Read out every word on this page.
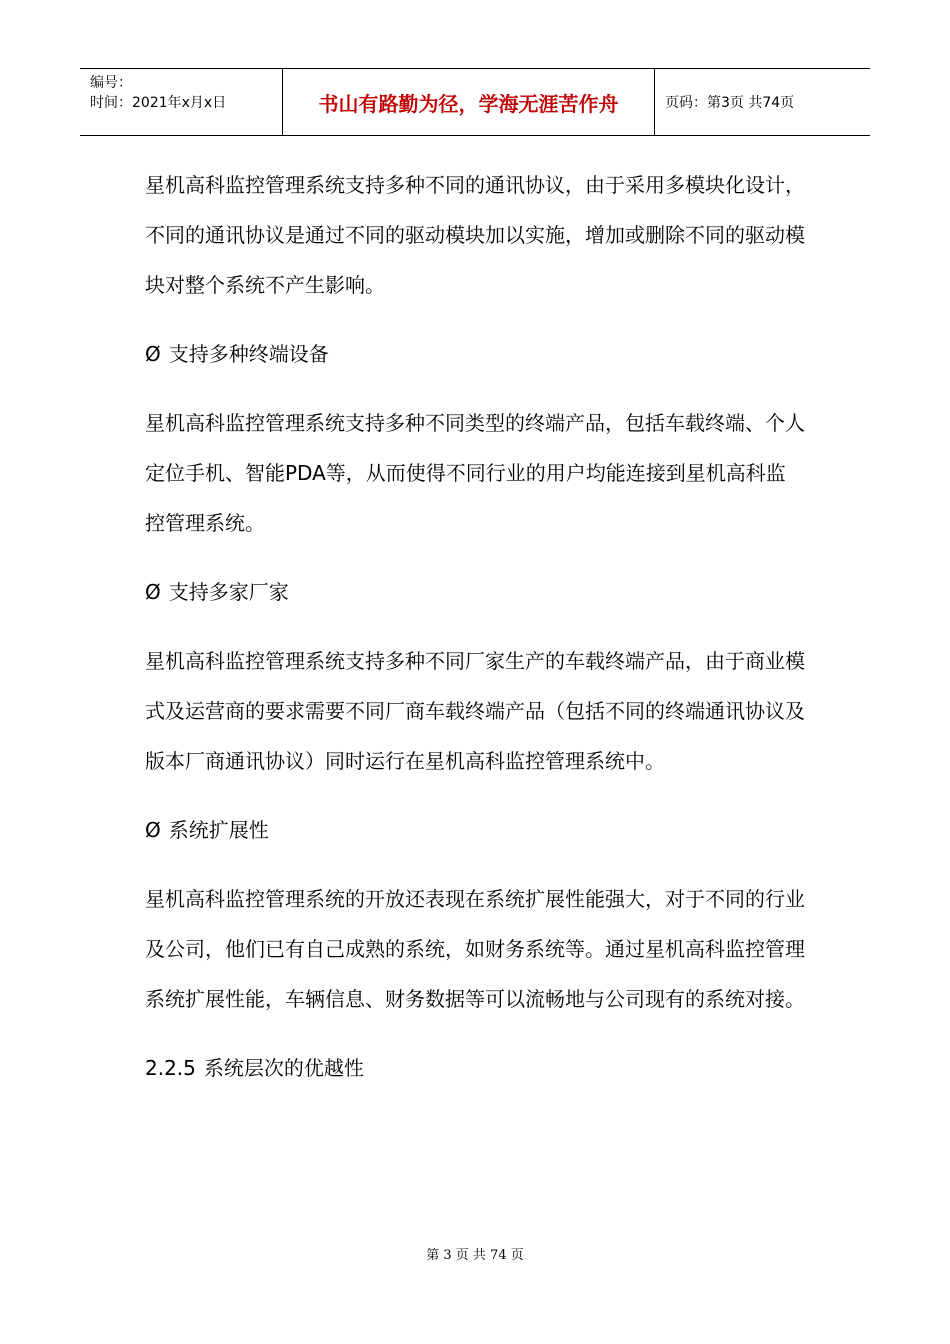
编号：
时间：2021年x月x日	书山有路勤为径，学海无涯苦作舟	页码：第3页 共74页

星机高科监控管理系统支持多种不同的通讯协议，由于采用多模块化设计，不同的通讯协议是通过不同的驱动模块加以实施，增加或删除不同的驱动模块对整个系统不产生影响。

Ø 支持多种终端设备

星机高科监控管理系统支持多种不同类型的终端产品，包括车载终端、个人定位手机、智能PDA等，从而使得不同行业的用户均能连接到星机高科监控管理系统。

Ø 支持多家厂家

星机高科监控管理系统支持多种不同厂家生产的车载终端产品，由于商业模式及运营商的要求需要不同厂商车载终端产品（包括不同的终端通讯协议及版本厂商通讯协议）同时运行在星机高科监控管理系统中。

Ø 系统扩展性

星机高科监控管理系统的开放还表现在系统扩展性能强大，对于不同的行业及公司，他们已有自己成熟的系统，如财务系统等。通过星机高科监控管理系统扩展性能，车辆信息、财务数据等可以流畅地与公司现有的系统对接。

2.2.5 系统层次的优越性

第 3 页 共 74 页
